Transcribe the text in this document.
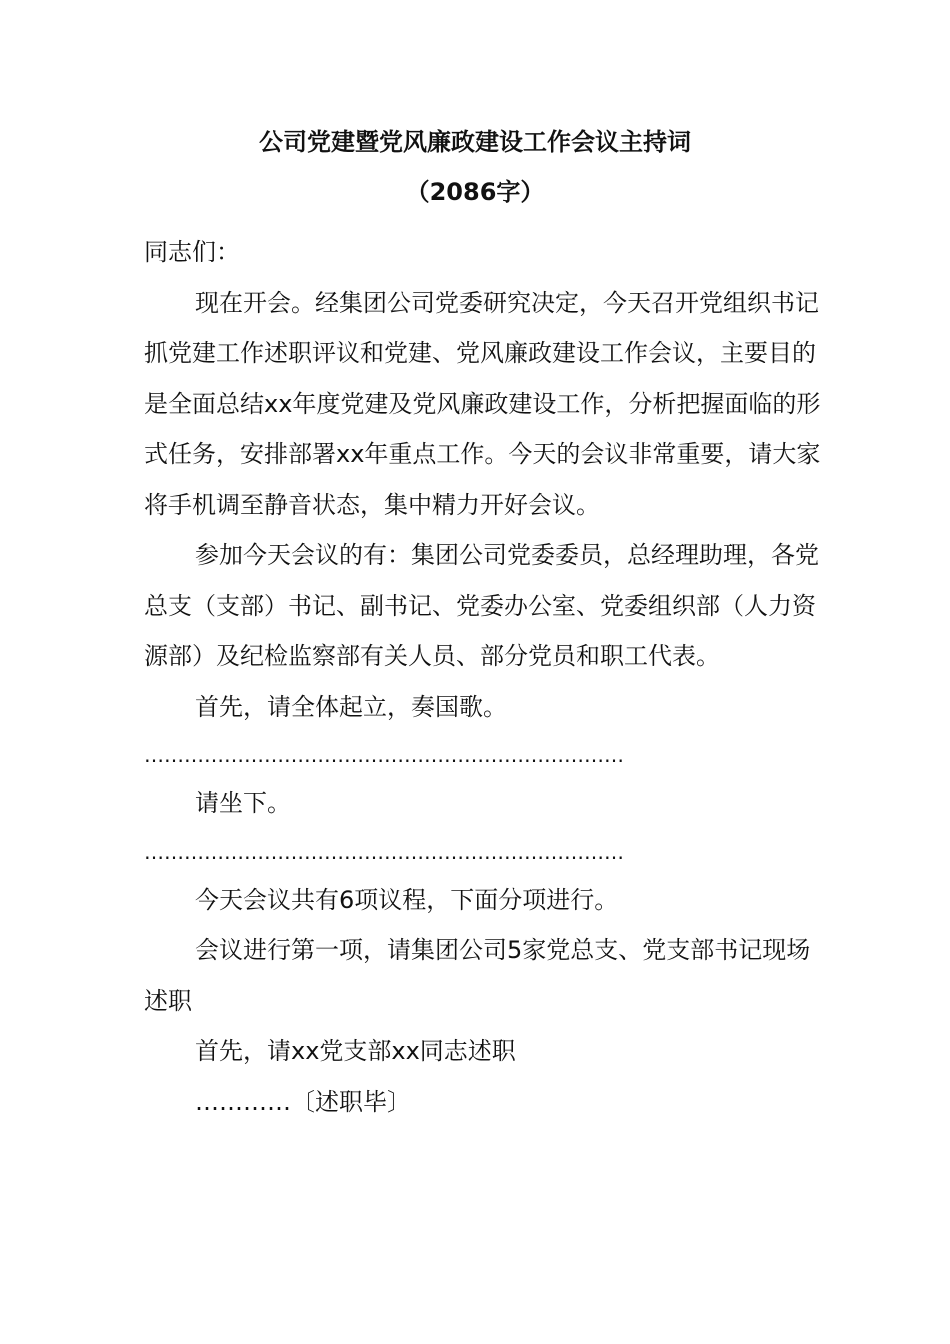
公司党建暨党风廉政建设工作会议主持词
（2086字）

同志们：

现在开会。经集团公司党委研究决定，今天召开党组织书记抓党建工作述职评议和党建、党风廉政建设工作会议，主要目的是全面总结xx年度党建及党风廉政建设工作，分析把握面临的形式任务，安排部署xx年重点工作。今天的会议非常重要，请大家将手机调至静音状态，集中精力开好会议。

参加今天会议的有：集团公司党委委员，总经理助理，各党总支（支部）书记、副书记、党委办公室、党委组织部（人力资源部）及纪检监察部有关人员、部分党员和职工代表。

首先，请全体起立，奏国歌。

………………………………………………………………

请坐下。

………………………………………………………………

今天会议共有6项议程，下面分项进行。

会议进行第一项，请集团公司5家党总支、党支部书记现场述职

首先，请xx党支部xx同志述职

…………〔述职毕〕
